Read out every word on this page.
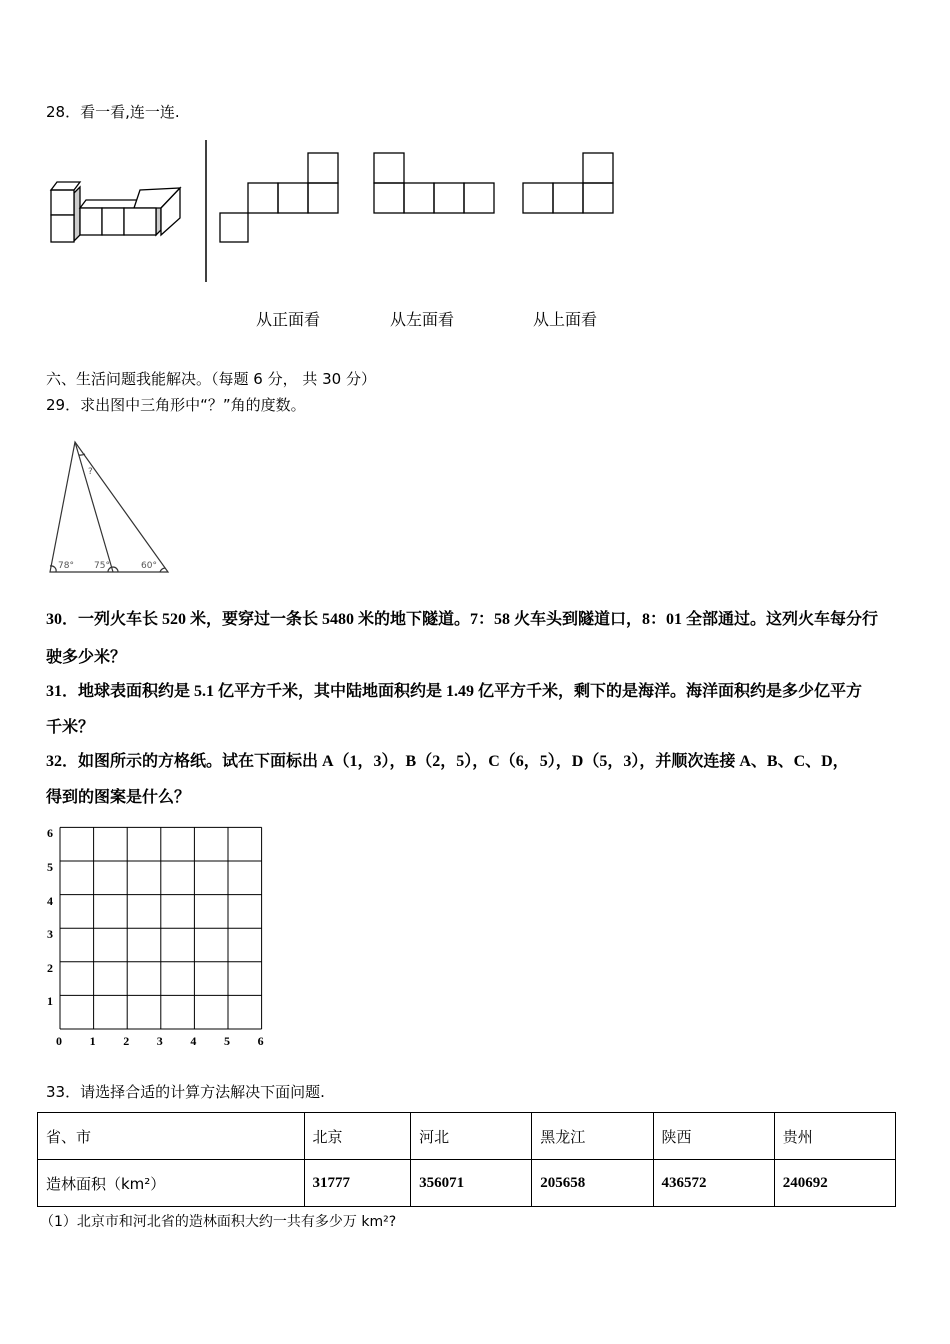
28．看一看,连一连.
从正面看	从左面看	从上面看
六、生活问题我能解决。（每题 6 分， 共 30 分）
29．求出图中三角形中“？”角的度数。
?
78° 75°	60°
30．一列火车长 520 米，要穿过一条长 5480 米的地下隧道。7：58 火车头到隧道口，8：01 全部通过。这列火车每分行
驶多少米？
31．地球表面积约是 5.1 亿平方千米，其中陆地面积约是 1.49 亿平方千米，剩下的是海洋。海洋面积约是多少亿平方
千米？
32．如图所示的方格纸。试在下面标出 A（1，3），B（2，5），C（6，5），D（5，3），并顺次连接 A、B、C、D，
得到的图案是什么？
0 1 2 3 4 5 6
1
2
3
4
5
6
33．请选择合适的计算方法解决下面问题.
省、市	北京	河北	黑龙江	陕西	贵州
造林面积（km²）	31777	356071	205658	436572	240692
（1）北京市和河北省的造林面积大约一共有多少万 km²?
